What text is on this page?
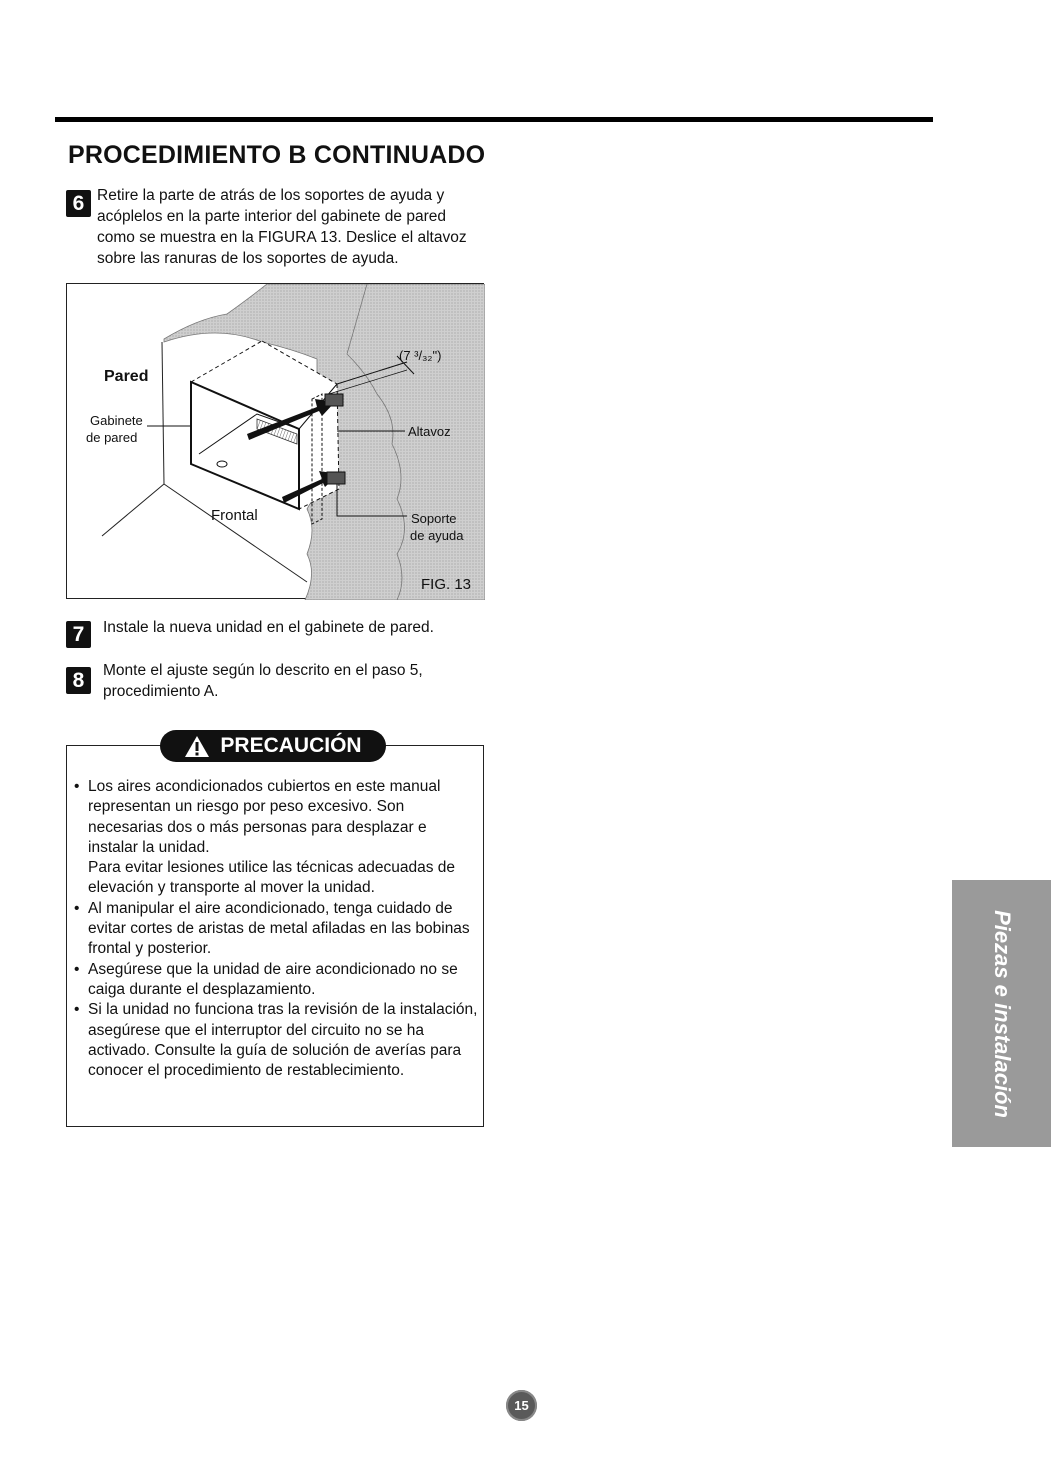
PROCEDIMIENTO B CONTINUADO
6 Retire la parte de atrás de los soportes de ayuda y acóplelos en la parte interior del gabinete de pared como se muestra en la FIGURA 13. Deslice el altavoz sobre las ranuras de los soportes de ayuda.
Pared
Gabinete
de pared
Frontal
Altavoz
Soporte
de ayuda
(7 ³/₃₂")
FIG. 13
7	Instale la nueva unidad en el gabinete de pared.
8	Monte el ajuste según lo descrito en el paso 5, procedimiento A.
PRECAUCIÓN
• Los aires acondicionados cubiertos en este manual representan un riesgo por peso excesivo. Son necesarias dos o más personas para desplazar e instalar la unidad.
Para evitar lesiones utilice las técnicas adecuadas de elevación y transporte al mover la unidad.
• Al manipular el aire acondicionado, tenga cuidado de evitar cortes de aristas de metal afiladas en las bobinas frontal y posterior.
• Asegúrese que la unidad de aire acondicionado no se caiga durante el desplazamiento.
• Si la unidad no funciona tras la revisión de la instalación, asegúrese que el interruptor del circuito no se ha activado. Consulte la guía de solución de averías para conocer el procedimiento de restablecimiento.	Piezas e instalación
15
